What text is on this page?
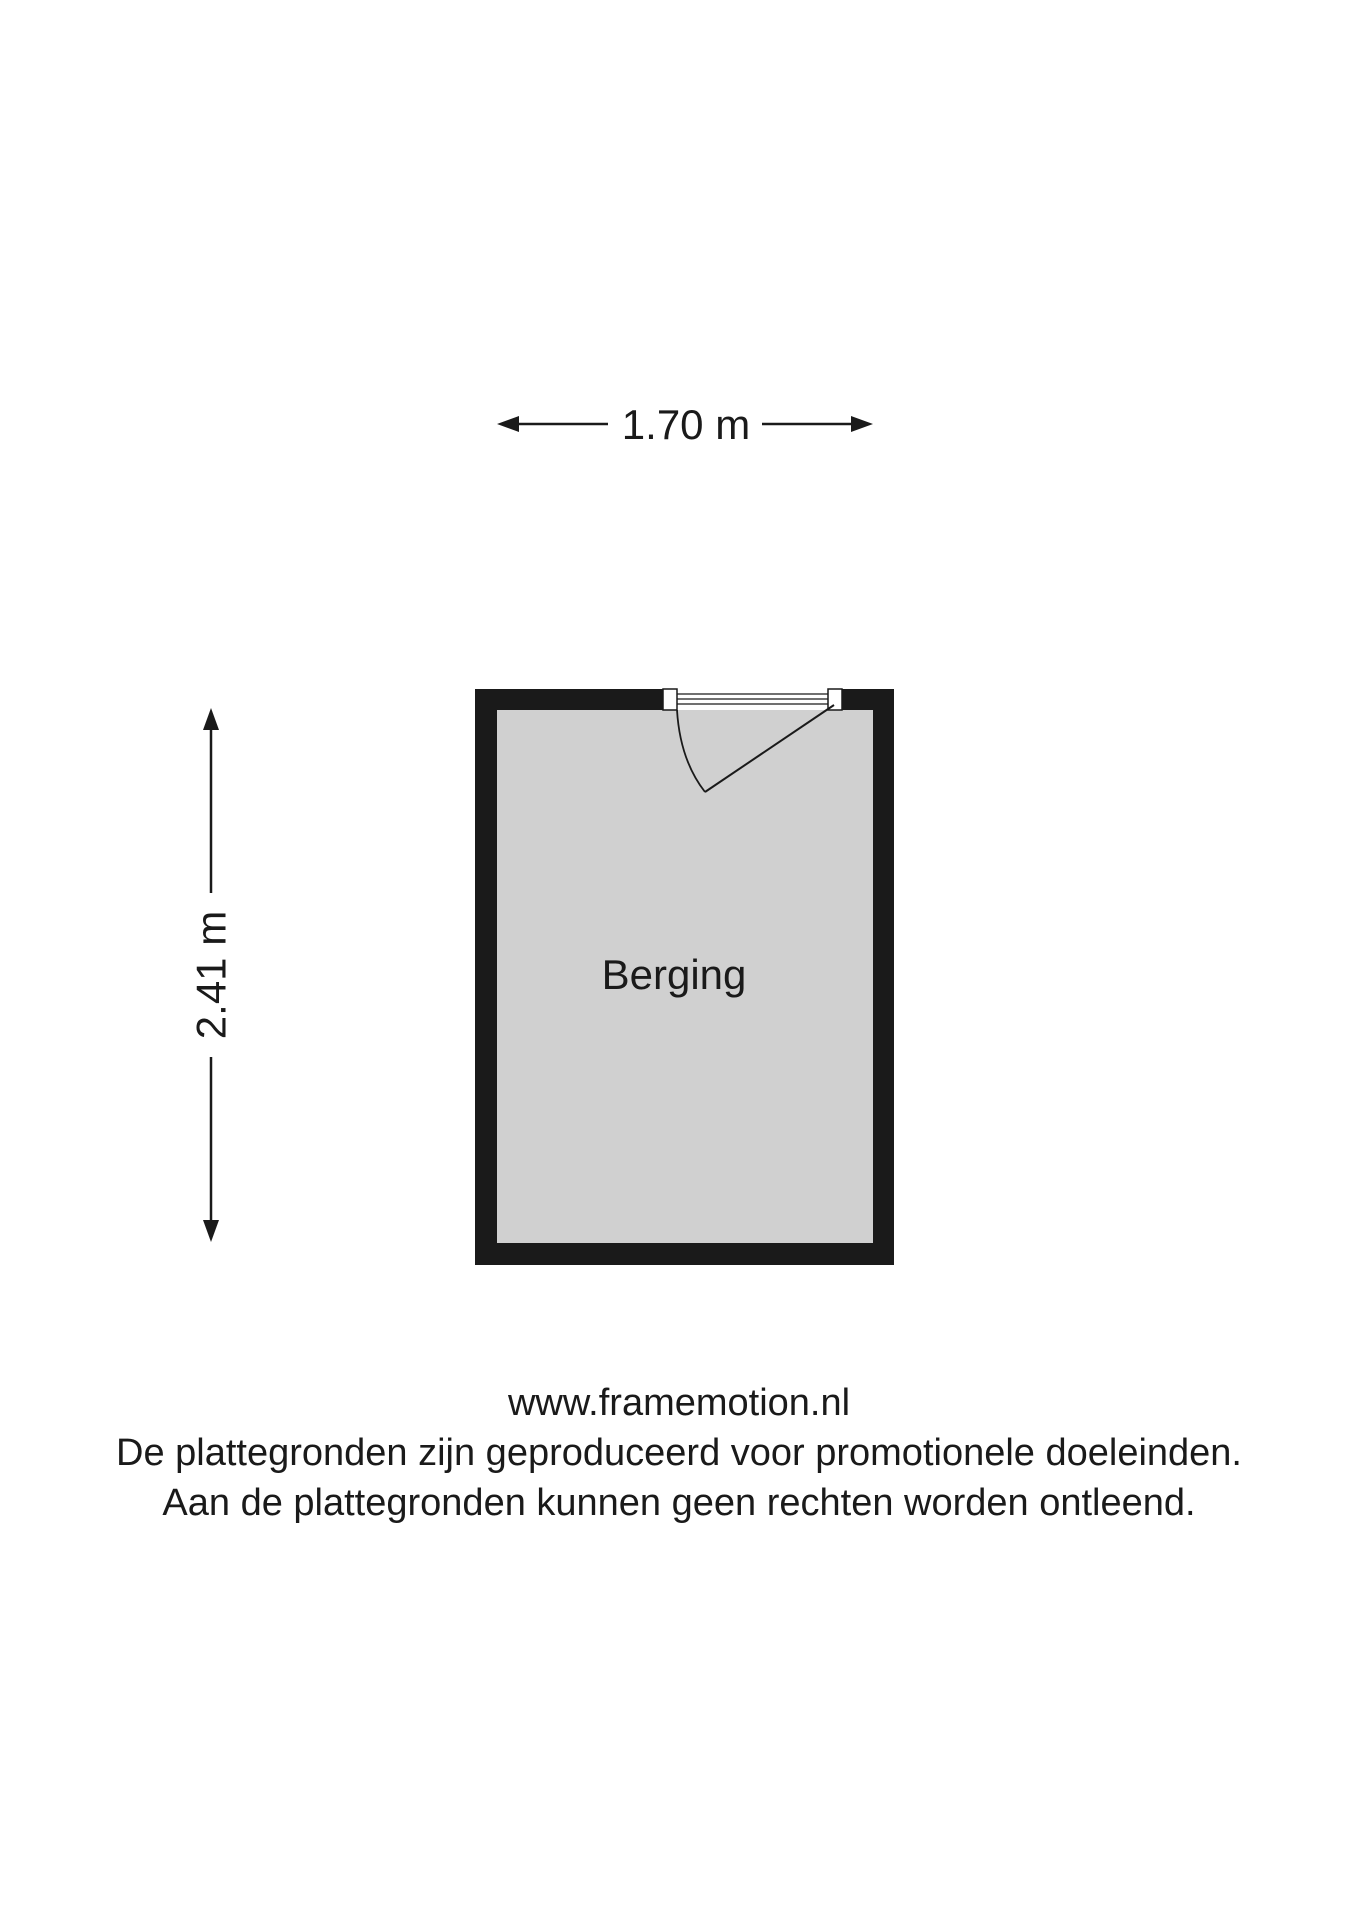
1.70 m
2.41 m	Berging
www.framemotion.nl
De plattegronden zijn geproduceerd voor promotionele doeleinden.
Aan de plattegronden kunnen geen rechten worden ontleend.
